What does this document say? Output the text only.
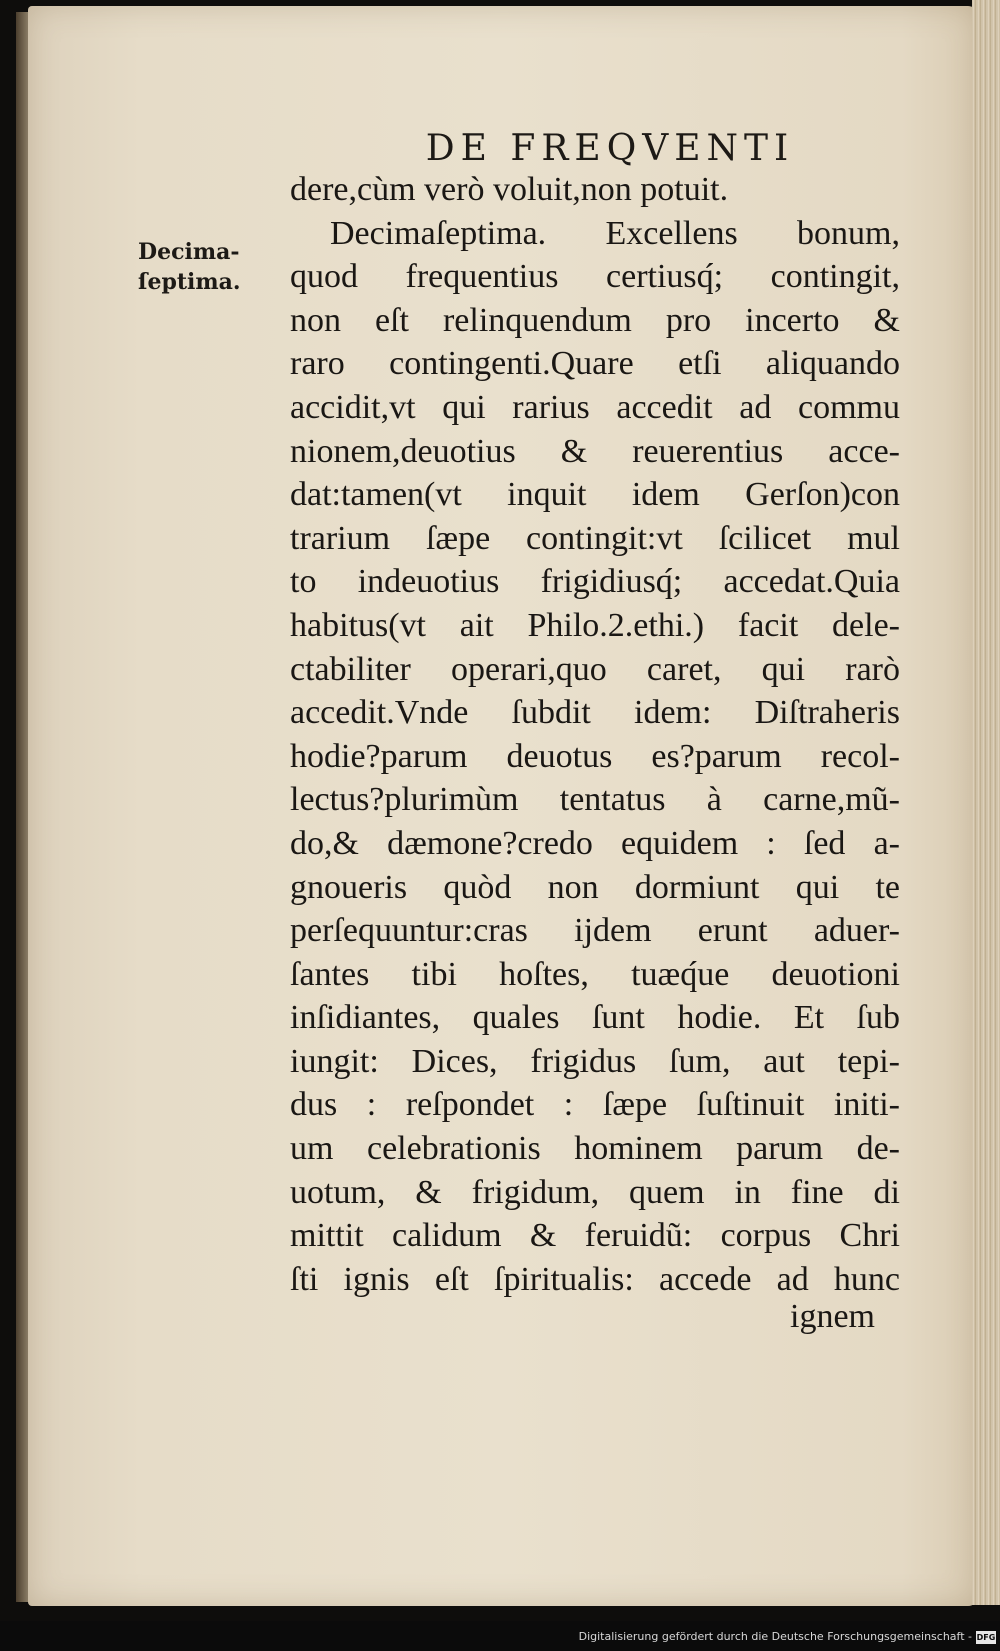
DE FREQVENTI
Decima-
ſeptima.
dere,cùm verò voluit,non potuit.
Decimaſeptima. Excellens bonum,
quod frequentius certiusq́; contingit,
non eſt relinquendum pro incerto &
raro contingenti.Quare etſi aliquando
accidit,vt qui rarius accedit ad commu
nionem,deuotius & reuerentius acce-
dat:tamen(vt inquit idem Gerſon)con
trarium ſæpe contingit:vt ſcilicet mul
to indeuotius frigidiusq́; accedat.Quia
habitus(vt ait Philo.2.ethi.) facit dele-
ctabiliter operari,quo caret, qui rarò
accedit.Vnde ſubdit idem: Diſtraheris
hodie?parum deuotus es?parum recol-
lectus?plurimùm tentatus à carne,mũ-
do,& dæmone?credo equidem : ſed a-
gnoueris quòd non dormiunt qui te
perſequuntur:cras ijdem erunt aduer-
ſantes tibi hoſtes, tuæq́ue deuotioni
inſidiantes, quales ſunt hodie. Et ſub
iungit: Dices, frigidus ſum, aut tepi-
dus : reſpondet : ſæpe ſuſtinuit initi-
um celebrationis hominem parum de-
uotum, & frigidum, quem in fine di
mittit calidum & feruidũ: corpus Chri
ſti ignis eſt ſpiritualis: accede ad hunc
ignem
Digitalisierung gefördert durch die Deutsche Forschungsgemeinschaft - DFG
